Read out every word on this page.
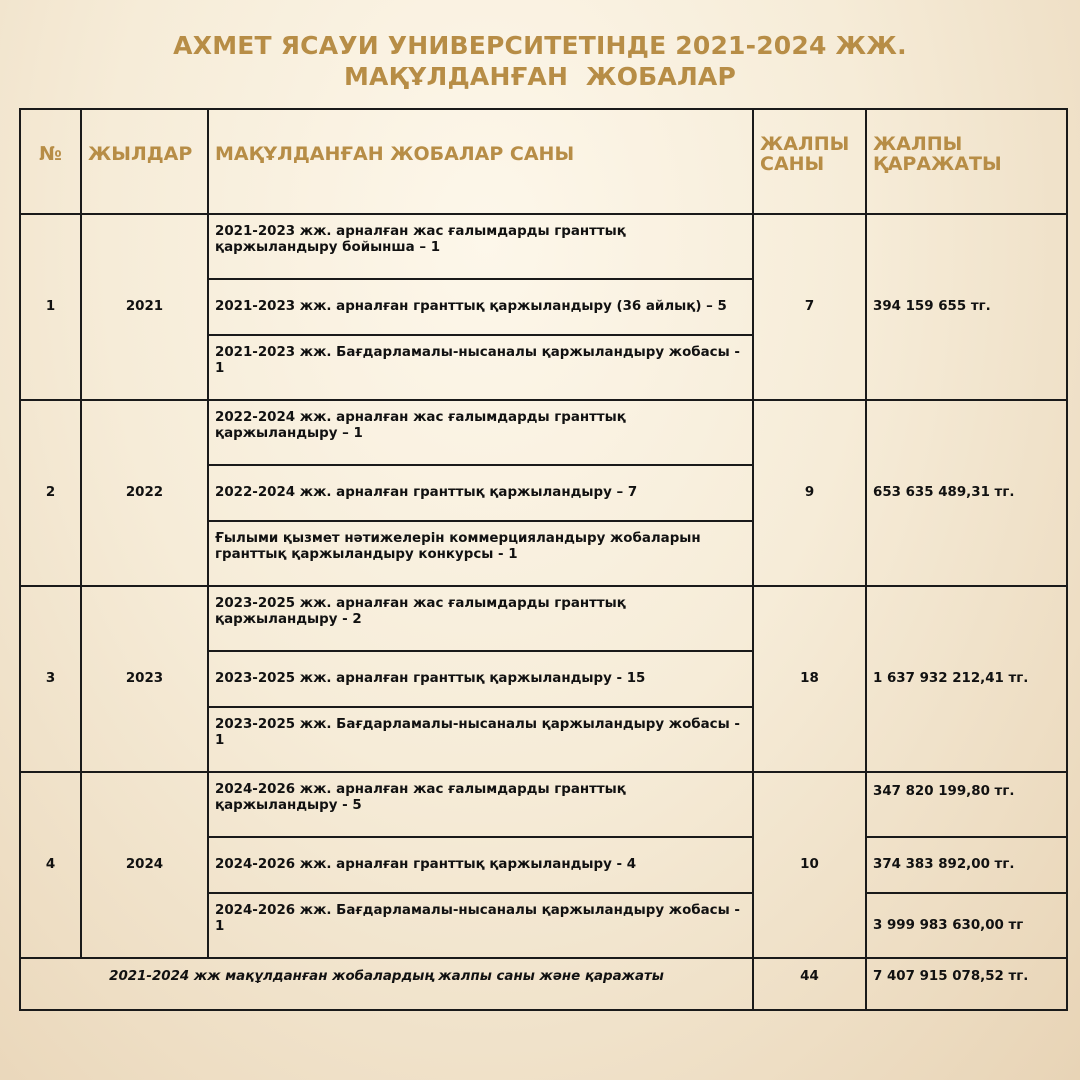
АХМЕТ ЯСАУИ УНИВЕРСИТЕТІНДЕ 2021-2024 ЖЖ.
МАҚҰЛДАНҒАН  ЖОБАЛАР
№	ЖЫЛДАР	МАҚҰЛДАНҒАН ЖОБАЛАР САНЫ	ЖАЛПЫ САНЫ	ЖАЛПЫ ҚАРАЖАТЫ

1	2021	2021-2023 жж. арналған жас ғалымдарды гранттық қаржыландыру бойынша – 1	7	394 159 655 тг.
		2021-2023 жж. арналған гранттық қаржыландыру (36 айлық) – 5		
		2021-2023 жж. Бағдарламалы-нысаналы қаржыландыру жобасы - 1		
2	2022	2022-2024 жж. арналған жас ғалымдарды гранттық қаржыландыру – 1	9	653 635 489,31 тг.
		2022-2024 жж. арналған гранттық қаржыландыру – 7		
		Ғылыми қызмет нәтижелерін коммерцияландыру жобаларын гранттық қаржыландыру конкурсы - 1		
3	2023	2023-2025 жж. арналған жас ғалымдарды гранттық қаржыландыру - 2	18	1 637 932 212,41 тг.
		2023-2025 жж. арналған гранттық қаржыландыру - 15		
		2023-2025 жж. Бағдарламалы-нысаналы қаржыландыру жобасы - 1		
4	2024	2024-2026 жж. арналған жас ғалымдарды гранттық қаржыландыру - 5	10	347 820 199,80 тг.
		2024-2026 жж. арналған гранттық қаржыландыру - 4		374 383 892,00 тг.
		2024-2026 жж. Бағдарламалы-нысаналы қаржыландыру жобасы - 1		3 999 983 630,00 тг
2021-2024 жж мақұлданған жобалардың жалпы саны және қаражаты			44	7 407 915 078,52 тг.
